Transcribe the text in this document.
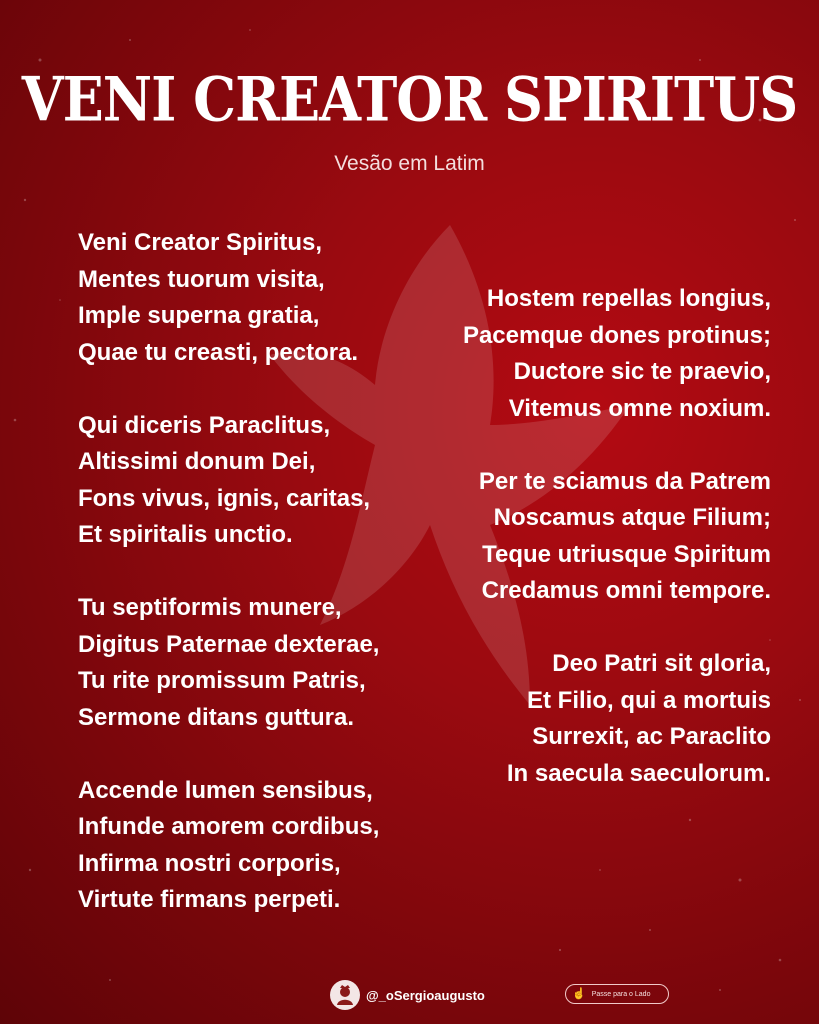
VENI CREATOR SPIRITUS
Vesão em Latim
Veni Creator Spiritus,
Mentes tuorum visita,
Imple superna gratia,
Quae tu creasti, pectora.
Qui diceris Paraclitus,
Altissimi donum Dei,
Fons vivus, ignis, caritas,
Et spiritalis unctio.
Tu septiformis munere,
Digitus Paternae dexterae,
Tu rite promissum Patris,
Sermone ditans guttura.
Accende lumen sensibus,
Infunde amorem cordibus,
Infirma nostri corporis,
Virtute firmans perpeti.
Hostem repellas longius,
Pacemque dones protinus;
Ductore sic te praevio,
Vitemus omne noxium.
Per te sciamus da Patrem
Noscamus atque Filium;
Teque utriusque Spiritum
Credamus omni tempore.
Deo Patri sit gloria,
Et Filio, qui a mortuis
Surrexit, ac Paraclito
In saecula saeculorum.
@_oSergioaugusto	☝ Passe para o Lado
